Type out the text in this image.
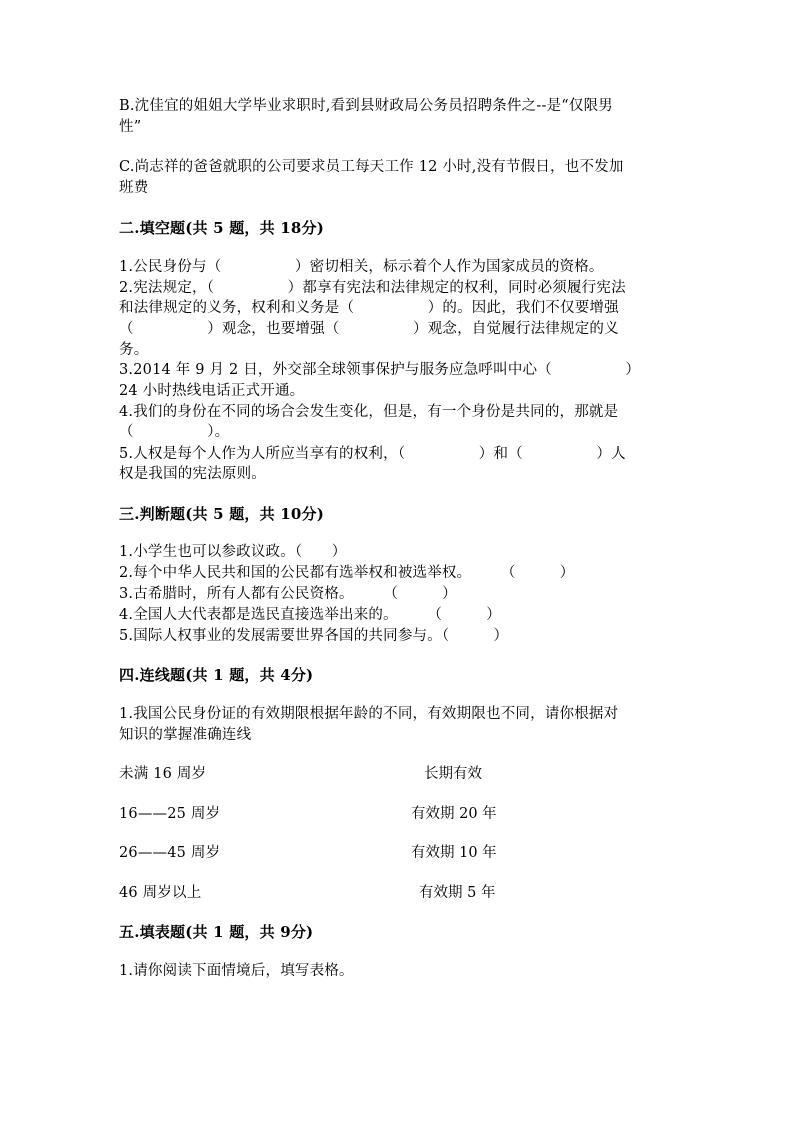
B.沈佳宜的姐姐大学毕业求职时,看到县财政局公务员招聘条件之--是“仅限男
性”
C.尚志祥的爸爸就职的公司要求员工每天工作 12 小时,没有节假日，也不发加
班费
二.填空题(共 5 题，共 18分)
1.公民身份与（　　　　　）密切相关，标示着个人作为国家成员的资格。
2.宪法规定，（　　　　　）都享有宪法和法律规定的权利，同时必须履行宪法
和法律规定的义务，权利和义务是（　　　　　）的。因此，我们不仅要增强
（　　　　　）观念，也要增强（　　　　　）观念，自觉履行法律规定的义
务。
3.2014 年 9 月 2 日，外交部全球领事保护与服务应急呼叫中心（　　　　　）
24 小时热线电话正式开通。
4.我们的身份在不同的场合会发生变化，但是，有一个身份是共同的，那就是
（　　　　　）。
5.人权是每个人作为人所应当享有的权利，（　　　　　）和（　　　　　）人
权是我国的宪法原则。
三.判断题(共 5 题，共 10分)
1.小学生也可以参政议政。（　　）
2.每个中华人民共和国的公民都有选举权和被选举权。　　　（　　　）
3.古希腊时，所有人都有公民资格。　　　（　　　）
4.全国人大代表都是选民直接选举出来的。　　　（　　　）
5.国际人权事业的发展需要世界各国的共同参与。（　　　）
四.连线题(共 1 题，共 4分)
1.我国公民身份证的有效期限根据年龄的不同，有效期限也不同，请你根据对
知识的掌握准确连线
未满 16 周岁	长期有效
16——25 周岁	有效期 20 年
26——45 周岁	有效期 10 年
46 周岁以上	有效期 5 年
五.填表题(共 1 题，共 9分)
1.请你阅读下面情境后，填写表格。
